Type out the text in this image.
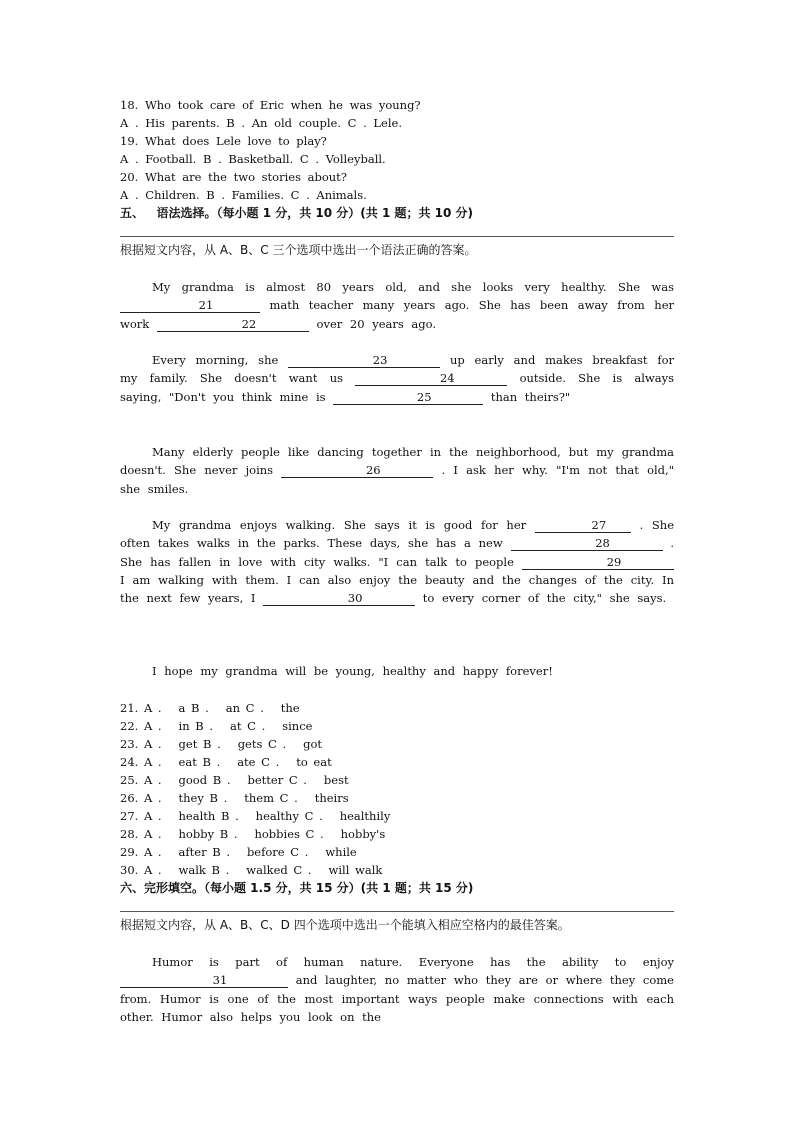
18. Who took care of Eric when he was young?
A . His parents. B . An old couple. C . Lele.
19. What does Lele love to play?
A . Football. B . Basketball. C . Volleyball.
20. What are the two stories about?
A . Children. B . Families. C . Animals.
五、   语法选择。（每小题 1 分，共 10 分）(共 1 题；共 10 分)
根据短文内容，从 A、B、C 三个选项中选出一个语法正确的答案。
My grandma is almost 80 years old, and she looks very healthy. She was 21	math teacher many years ago. She has been away from her work	22	over 20 years ago.
Every morning, she	23	up early and makes breakfast for my family. She doesn't want us	24	outside. She is always saying, "Don't you think mine is	25	than theirs?"
Many elderly people like dancing together in the neighborhood, but my grandma doesn't. She never joins	26	. I ask her why. "I'm not that old," she smiles.
My grandma enjoys walking. She says it is good for her	27	. She often takes walks in the parks. These days, she has a new	28	. She has fallen in love with city walks. "I can talk to people	29 I am walking with them. I can also enjoy the beauty and the changes of the city. In the next few years, I	30	to every corner of the city," she says.
I hope my grandma will be young, healthy and happy forever!
21. A .   a B .   an C .   the
22. A .   in B .   at C .   since
23. A .   get B .   gets C .   got
24. A .   eat B .   ate C .   to eat
25. A .   good B .   better C .   best
26. A .   they B .   them C .   theirs
27. A .   health B .   healthy C .   healthily
28. A .   hobby B .   hobbies C .   hobby's
29. A .   after B .   before C .   while
30. A .   walk B .   walked C .   will walk
六、完形填空。（每小题 1.5 分，共 15 分）(共 1 题；共 15 分)
根据短文内容，从 A、B、C、D 四个选项中选出一个能填入相应空格内的最佳答案。
Humor is part of human nature. Everyone has the ability to enjoy 31	and laughter, no matter who they are or where they come from. Humor is one of the most important ways people make connections with each other. Humor also helps you look on the
